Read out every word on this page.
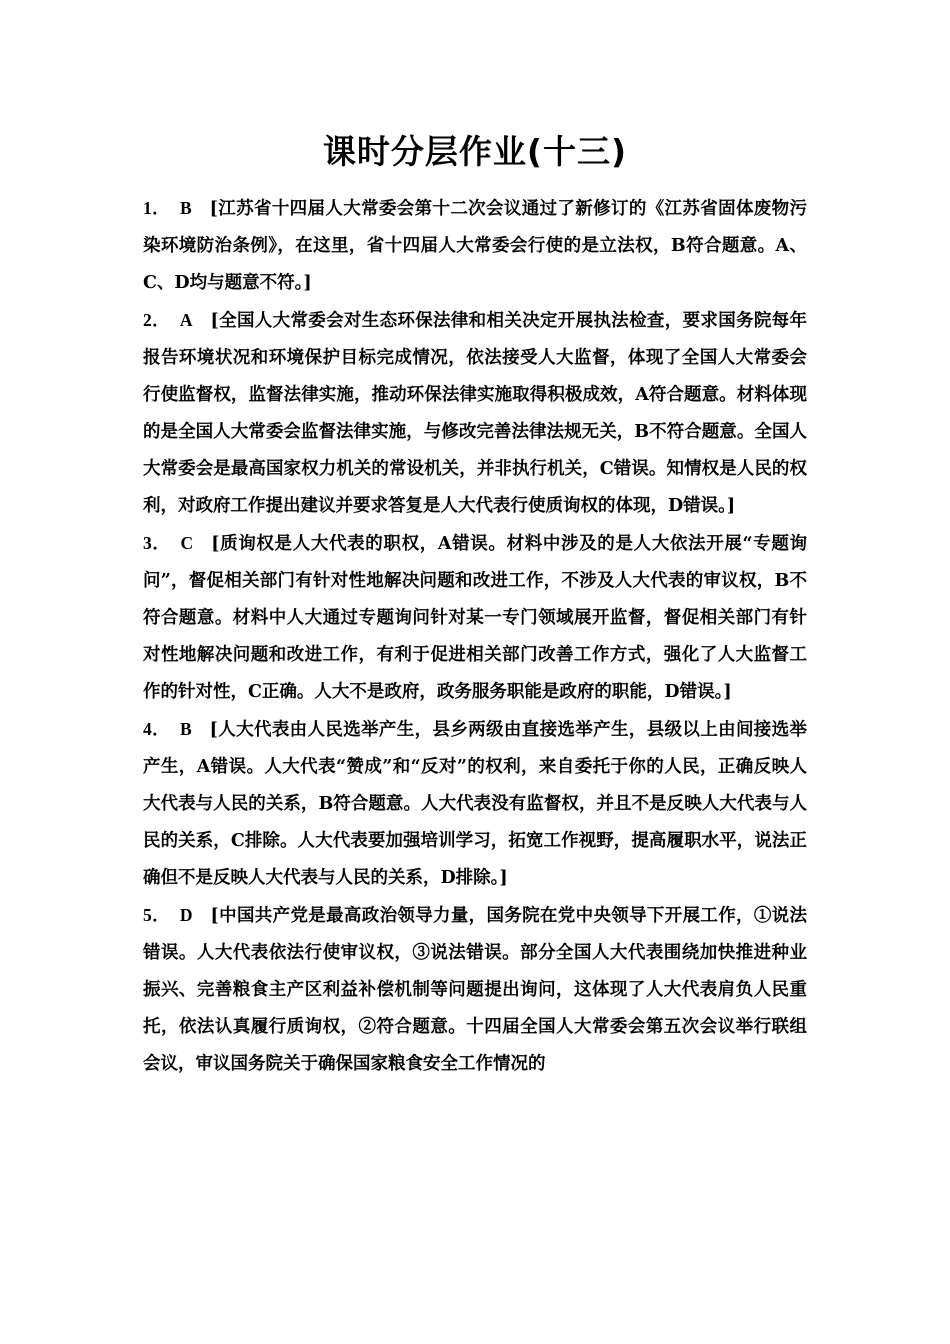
课时分层作业(十三)

1． B [江苏省十四届人大常委会第十二次会议通过了新修订的《江苏省固体废物污染环境防治条例》，在这里，省十四届人大常委会行使的是立法权，B符合题意。A、C、D均与题意不符。]

2． A [全国人大常委会对生态环保法律和相关决定开展执法检查，要求国务院每年报告环境状况和环境保护目标完成情况，依法接受人大监督，体现了全国人大常委会行使监督权，监督法律实施，推动环保法律实施取得积极成效，A符合题意。材料体现的是全国人大常委会监督法律实施，与修改完善法律法规无关，B不符合题意。全国人大常委会是最高国家权力机关的常设机关，并非执行机关，C错误。知情权是人民的权利，对政府工作提出建议并要求答复是人大代表行使质询权的体现，D错误。]

3． C [质询权是人大代表的职权，A错误。材料中涉及的是人大依法开展“专题询问”，督促相关部门有针对性地解决问题和改进工作，不涉及人大代表的审议权，B不符合题意。材料中人大通过专题询问针对某一专门领域展开监督，督促相关部门有针对性地解决问题和改进工作，有利于促进相关部门改善工作方式，强化了人大监督工作的针对性，C正确。人大不是政府，政务服务职能是政府的职能，D错误。]

4． B [人大代表由人民选举产生，县乡两级由直接选举产生，县级以上由间接选举产生，A错误。人大代表“赞成”和“反对”的权利，来自委托于你的人民，正确反映人大代表与人民的关系，B符合题意。人大代表没有监督权，并且不是反映人大代表与人民的关系，C排除。人大代表要加强培训学习，拓宽工作视野，提高履职水平，说法正确但不是反映人大代表与人民的关系，D排除。]

5． D [中国共产党是最高政治领导力量，国务院在党中央领导下开展工作，①说法错误。人大代表依法行使审议权，③说法错误。部分全国人大代表围绕加快推进种业振兴、完善粮食主产区利益补偿机制等问题提出询问，这体现了人大代表肩负人民重托，依法认真履行质询权，②符合题意。十四届全国人大常委会第五次会议举行联组会议，审议国务院关于确保国家粮食安全工作情况的
